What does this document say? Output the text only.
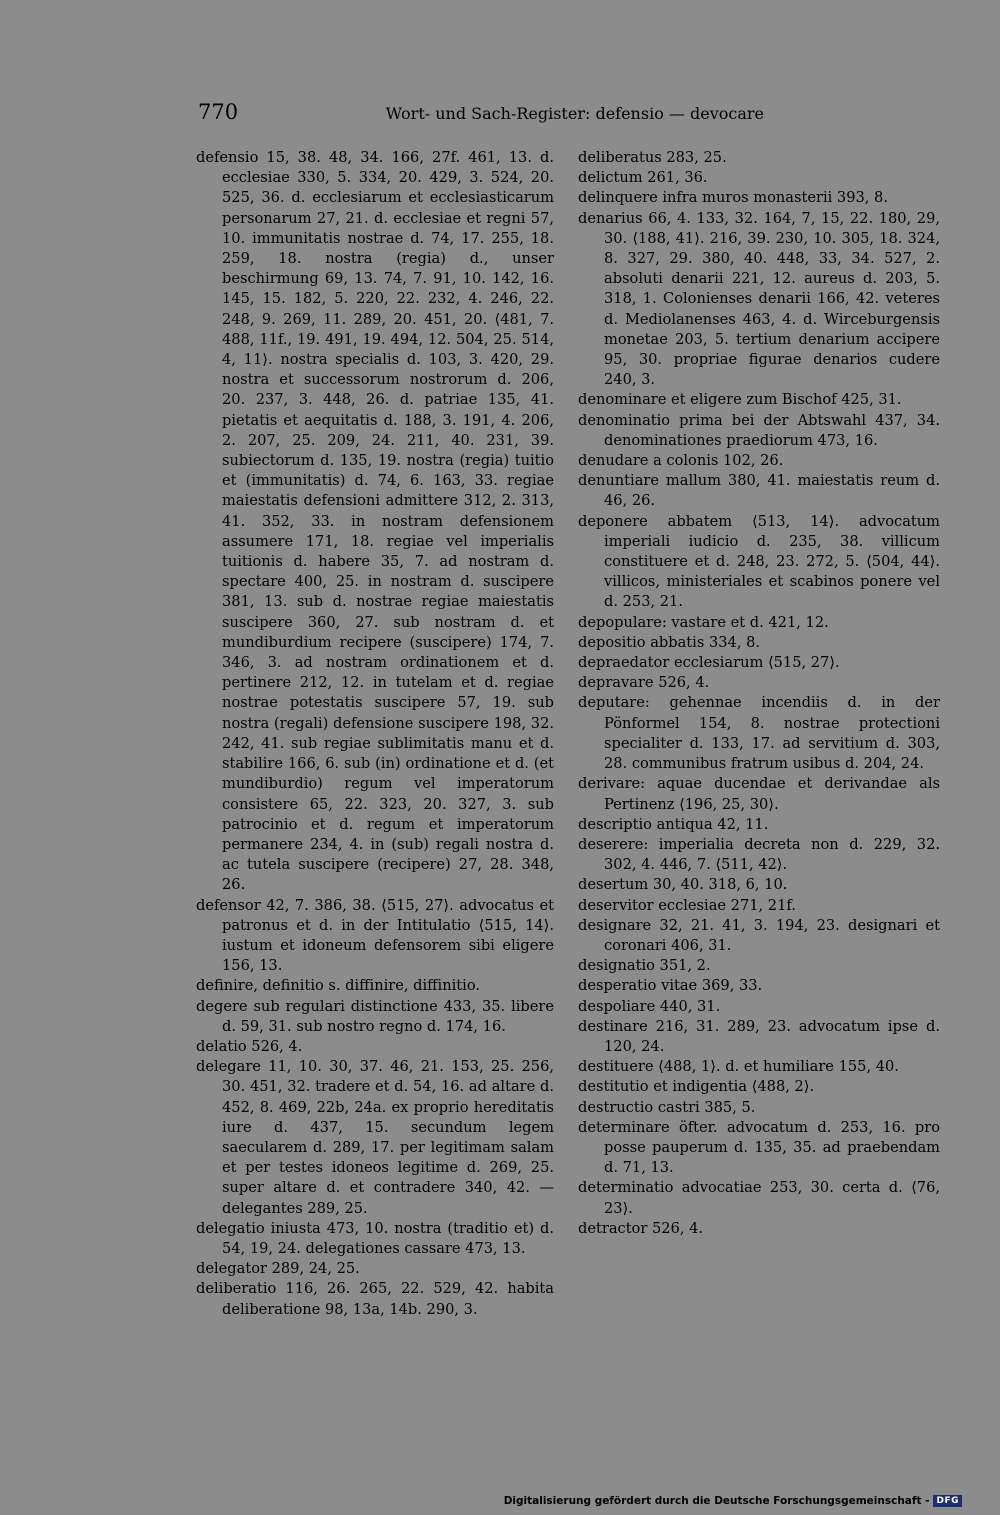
770	Wort- und Sach-Register: defensio — devocare

defensio 15, 38. 48, 34. 166, 27f. 461, 13. d. ecclesiae 330, 5. 334, 20. 429, 3. 524, 20. 525, 36. d. ecclesiarum et ecclesiasticarum personarum 27, 21. d. ecclesiae et regni 57, 10. immunitatis nostrae d. 74, 17. 255, 18. 259, 18. nostra (regia) d., unser beschirmung 69, 13. 74, 7. 91, 10. 142, 16. 145, 15. 182, 5. 220, 22. 232, 4. 246, 22. 248, 9. 269, 11. 289, 20. 451, 20. ⟨481, 7. 488, 11f., 19. 491, 19. 494, 12. 504, 25. 514, 4, 11⟩. nostra specialis d. 103, 3. 420, 29. nostra et successorum nostrorum d. 206, 20. 237, 3. 448, 26. d. patriae 135, 41. pietatis et aequitatis d. 188, 3. 191, 4. 206, 2. 207, 25. 209, 24. 211, 40. 231, 39. subiectorum d. 135, 19. nostra (regia) tuitio et (immunitatis) d. 74, 6. 163, 33. regiae maiestatis defensioni admittere 312, 2. 313, 41. 352, 33. in nostram defensionem assumere 171, 18. regiae vel imperialis tuitionis d. habere 35, 7. ad nostram d. spectare 400, 25. in nostram d. suscipere 381, 13. sub d. nostrae regiae maiestatis suscipere 360, 27. sub nostram d. et mundiburdium recipere (suscipere) 174, 7. 346, 3. ad nostram ordinationem et d. pertinere 212, 12. in tutelam et d. regiae nostrae potestatis suscipere 57, 19. sub nostra (regali) defensione suscipere 198, 32. 242, 41. sub regiae sublimitatis manu et d. stabilire 166, 6. sub (in) ordinatione et d. (et mundiburdio) regum vel imperatorum consistere 65, 22. 323, 20. 327, 3. sub patrocinio et d. regum et imperatorum permanere 234, 4. in (sub) regali nostra d. ac tutela suscipere (recipere) 27, 28. 348, 26.

defensor 42, 7. 386, 38. ⟨515, 27⟩. advocatus et patronus et d. in der Intitulatio ⟨515, 14⟩. iustum et idoneum defensorem sibi eligere 156, 13.

definire, definitio s. diffinire, diffinitio.

degere sub regulari distinctione 433, 35. libere d. 59, 31. sub nostro regno d. 174, 16.

delatio 526, 4.

delegare 11, 10. 30, 37. 46, 21. 153, 25. 256, 30. 451, 32. tradere et d. 54, 16. ad altare d. 452, 8. 469, 22b, 24a. ex proprio hereditatis iure d. 437, 15. secundum legem saecularem d. 289, 17. per legitimam salam et per testes idoneos legitime d. 269, 25. super altare d. et contradere 340, 42. — delegantes 289, 25.

delegatio iniusta 473, 10. nostra (traditio et) d. 54, 19, 24. delegationes cassare 473, 13.

delegator 289, 24, 25.

deliberatio 116, 26. 265, 22. 529, 42. habita deliberatione 98, 13a, 14b. 290, 3.

deliberatus 283, 25.

delictum 261, 36.

delinquere infra muros monasterii 393, 8.

denarius 66, 4. 133, 32. 164, 7, 15, 22. 180, 29, 30. ⟨188, 41⟩. 216, 39. 230, 10. 305, 18. 324, 8. 327, 29. 380, 40. 448, 33, 34. 527, 2. absoluti denarii 221, 12. aureus d. 203, 5. 318, 1. Colonienses denarii 166, 42. veteres d. Mediolanenses 463, 4. d. Wirceburgensis monetae 203, 5. tertium denarium accipere 95, 30. propriae figurae denarios cudere 240, 3.

denominare et eligere zum Bischof 425, 31.

denominatio prima bei der Abtswahl 437, 34. denominationes praediorum 473, 16.

denudare a colonis 102, 26.

denuntiare mallum 380, 41. maiestatis reum d. 46, 26.

deponere abbatem ⟨513, 14⟩. advocatum imperiali iudicio d. 235, 38. villicum constituere et d. 248, 23. 272, 5. ⟨504, 44⟩. villicos, ministeriales et scabinos ponere vel d. 253, 21.

depopulare: vastare et d. 421, 12.

depositio abbatis 334, 8.

depraedator ecclesiarum ⟨515, 27⟩.

depravare 526, 4.

deputare: gehennae incendiis d. in der Pönformel 154, 8. nostrae protectioni specialiter d. 133, 17. ad servitium d. 303, 28. communibus fratrum usibus d. 204, 24.

derivare: aquae ducendae et derivandae als Pertinenz ⟨196, 25, 30⟩.

descriptio antiqua 42, 11.

deserere: imperialia decreta non d. 229, 32. 302, 4. 446, 7. ⟨511, 42⟩.

desertum 30, 40. 318, 6, 10.

deservitor ecclesiae 271, 21f.

designare 32, 21. 41, 3. 194, 23. designari et coronari 406, 31.

designatio 351, 2.

desperatio vitae 369, 33.

despoliare 440, 31.

destinare 216, 31. 289, 23. advocatum ipse d. 120, 24.

destituere ⟨488, 1⟩. d. et humiliare 155, 40.

destitutio et indigentia ⟨488, 2⟩.

destructio castri 385, 5.

determinare öfter. advocatum d. 253, 16. pro posse pauperum d. 135, 35. ad praebendam d. 71, 13.

determinatio advocatiae 253, 30. certa d. ⟨76, 23⟩.

detractor 526, 4.

Digitalisierung gefördert durch die Deutsche Forschungsgemeinschaft - DFG
